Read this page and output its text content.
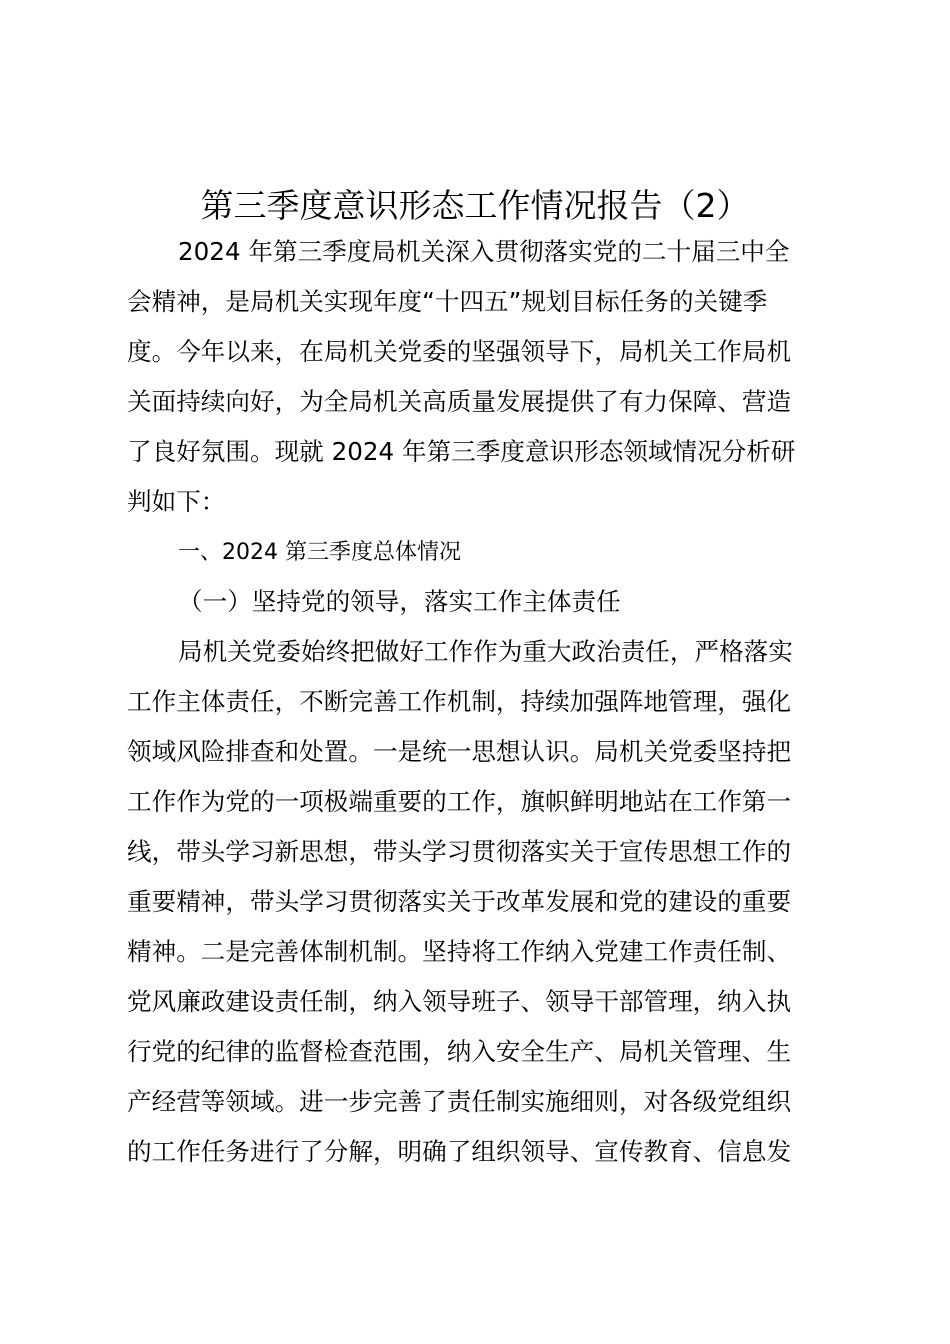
第三季度意识形态工作情况报告（2）
2024 年第三季度局机关深入贯彻落实党的二十届三中全
会精神，是局机关实现年度“十四五”规划目标任务的关键季
度。今年以来，在局机关党委的坚强领导下，局机关工作局机
关面持续向好，为全局机关高质量发展提供了有力保障、营造
了良好氛围。现就 2024 年第三季度意识形态领域情况分析研
判如下：
一、2024 第三季度总体情况
（一）坚持党的领导，落实工作主体责任
局机关党委始终把做好工作作为重大政治责任，严格落实
工作主体责任，不断完善工作机制，持续加强阵地管理，强化
领域风险排查和处置。一是统一思想认识。局机关党委坚持把
工作作为党的一项极端重要的工作，旗帜鲜明地站在工作第一
线，带头学习新思想，带头学习贯彻落实关于宣传思想工作的
重要精神，带头学习贯彻落实关于改革发展和党的建设的重要
精神。二是完善体制机制。坚持将工作纳入党建工作责任制、
党风廉政建设责任制，纳入领导班子、领导干部管理，纳入执
行党的纪律的监督检查范围，纳入安全生产、局机关管理、生
产经营等领域。进一步完善了责任制实施细则，对各级党组织
的工作任务进行了分解，明确了组织领导、宣传教育、信息发
